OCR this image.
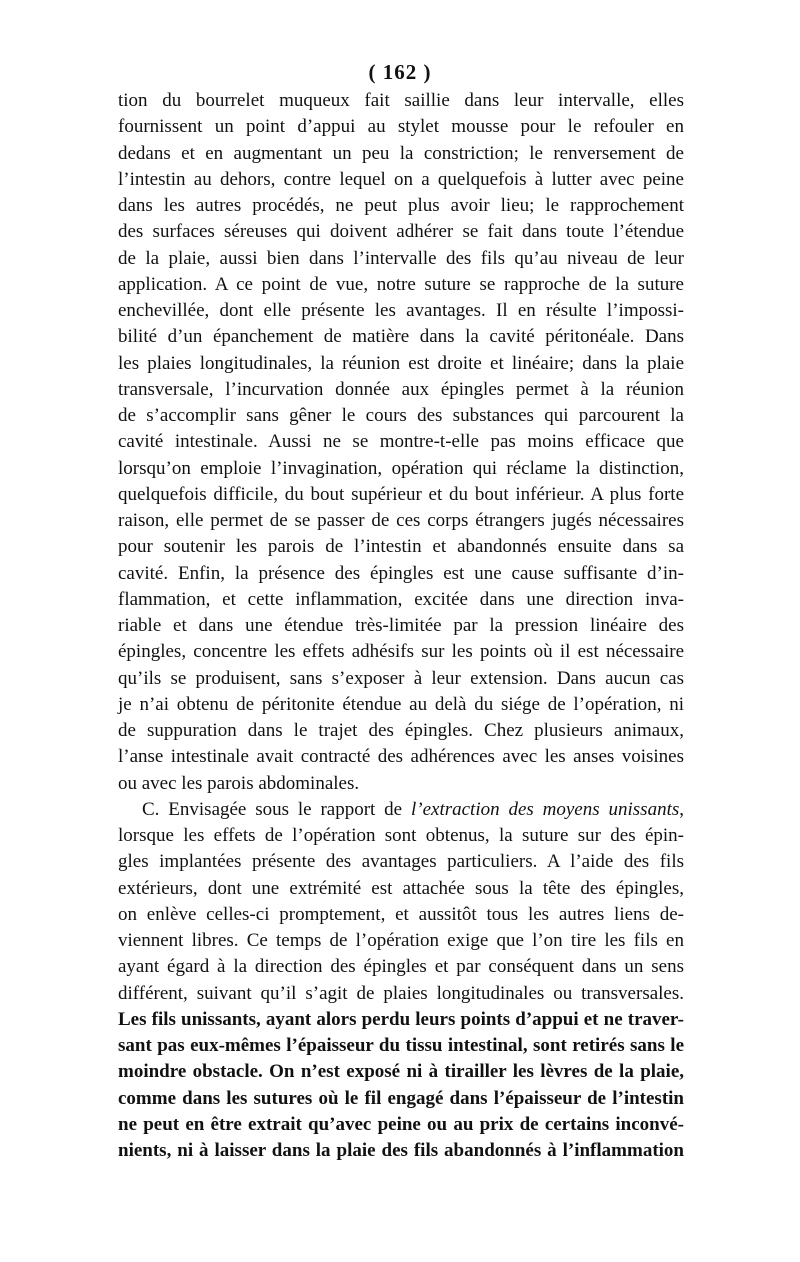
( 162 )
tion du bourrelet muqueux fait saillie dans leur intervalle, elles
fournissent un point d’appui au stylet mousse pour le refouler en
dedans et en augmentant un peu la constriction; le renversement de
l’intestin au dehors, contre lequel on a quelquefois à lutter avec peine
dans les autres procédés, ne peut plus avoir lieu; le rapprochement
des surfaces séreuses qui doivent adhérer se fait dans toute l’étendue
de la plaie, aussi bien dans l’intervalle des fils qu’au niveau de leur
application. A ce point de vue, notre suture se rapproche de la suture
enchevillée, dont elle présente les avantages. Il en résulte l’impossi-
bilité d’un épanchement de matière dans la cavité péritonéale. Dans
les plaies longitudinales, la réunion est droite et linéaire; dans la plaie
transversale, l’incurvation donnée aux épingles permet à la réunion
de s’accomplir sans gêner le cours des substances qui parcourent la
cavité intestinale. Aussi ne se montre-t-elle pas moins efficace que
lorsqu’on emploie l’invagination, opération qui réclame la distinction,
quelquefois difficile, du bout supérieur et du bout inférieur. A plus forte
raison, elle permet de se passer de ces corps étrangers jugés nécessaires
pour soutenir les parois de l’intestin et abandonnés ensuite dans sa
cavité. Enfin, la présence des épingles est une cause suffisante d’in-
flammation, et cette inflammation, excitée dans une direction inva-
riable et dans une étendue très-limitée par la pression linéaire des
épingles, concentre les effets adhésifs sur les points où il est nécessaire
qu’ils se produisent, sans s’exposer à leur extension. Dans aucun cas
je n’ai obtenu de péritonite étendue au delà du siége de l’opération, ni
de suppuration dans le trajet des épingles. Chez plusieurs animaux,
l’anse intestinale avait contracté des adhérences avec les anses voisines
ou avec les parois abdominales.
C. Envisagée sous le rapport de l’extraction des moyens unissants,
lorsque les effets de l’opération sont obtenus, la suture sur des épin-
gles implantées présente des avantages particuliers. A l’aide des fils
extérieurs, dont une extrémité est attachée sous la tête des épingles,
on enlève celles-ci promptement, et aussitôt tous les autres liens de-
viennent libres. Ce temps de l’opération exige que l’on tire les fils en
ayant égard à la direction des épingles et par conséquent dans un sens
différent, suivant qu’il s’agit de plaies longitudinales ou transversales.
Les fils unissants, ayant alors perdu leurs points d’appui et ne traver-
sant pas eux-mêmes l’épaisseur du tissu intestinal, sont retirés sans le
moindre obstacle. On n’est exposé ni à tirailler les lèvres de la plaie,
comme dans les sutures où le fil engagé dans l’épaisseur de l’intestin
ne peut en être extrait qu’avec peine ou au prix de certains inconvé-
nients, ni à laisser dans la plaie des fils abandonnés à l’inflammation
